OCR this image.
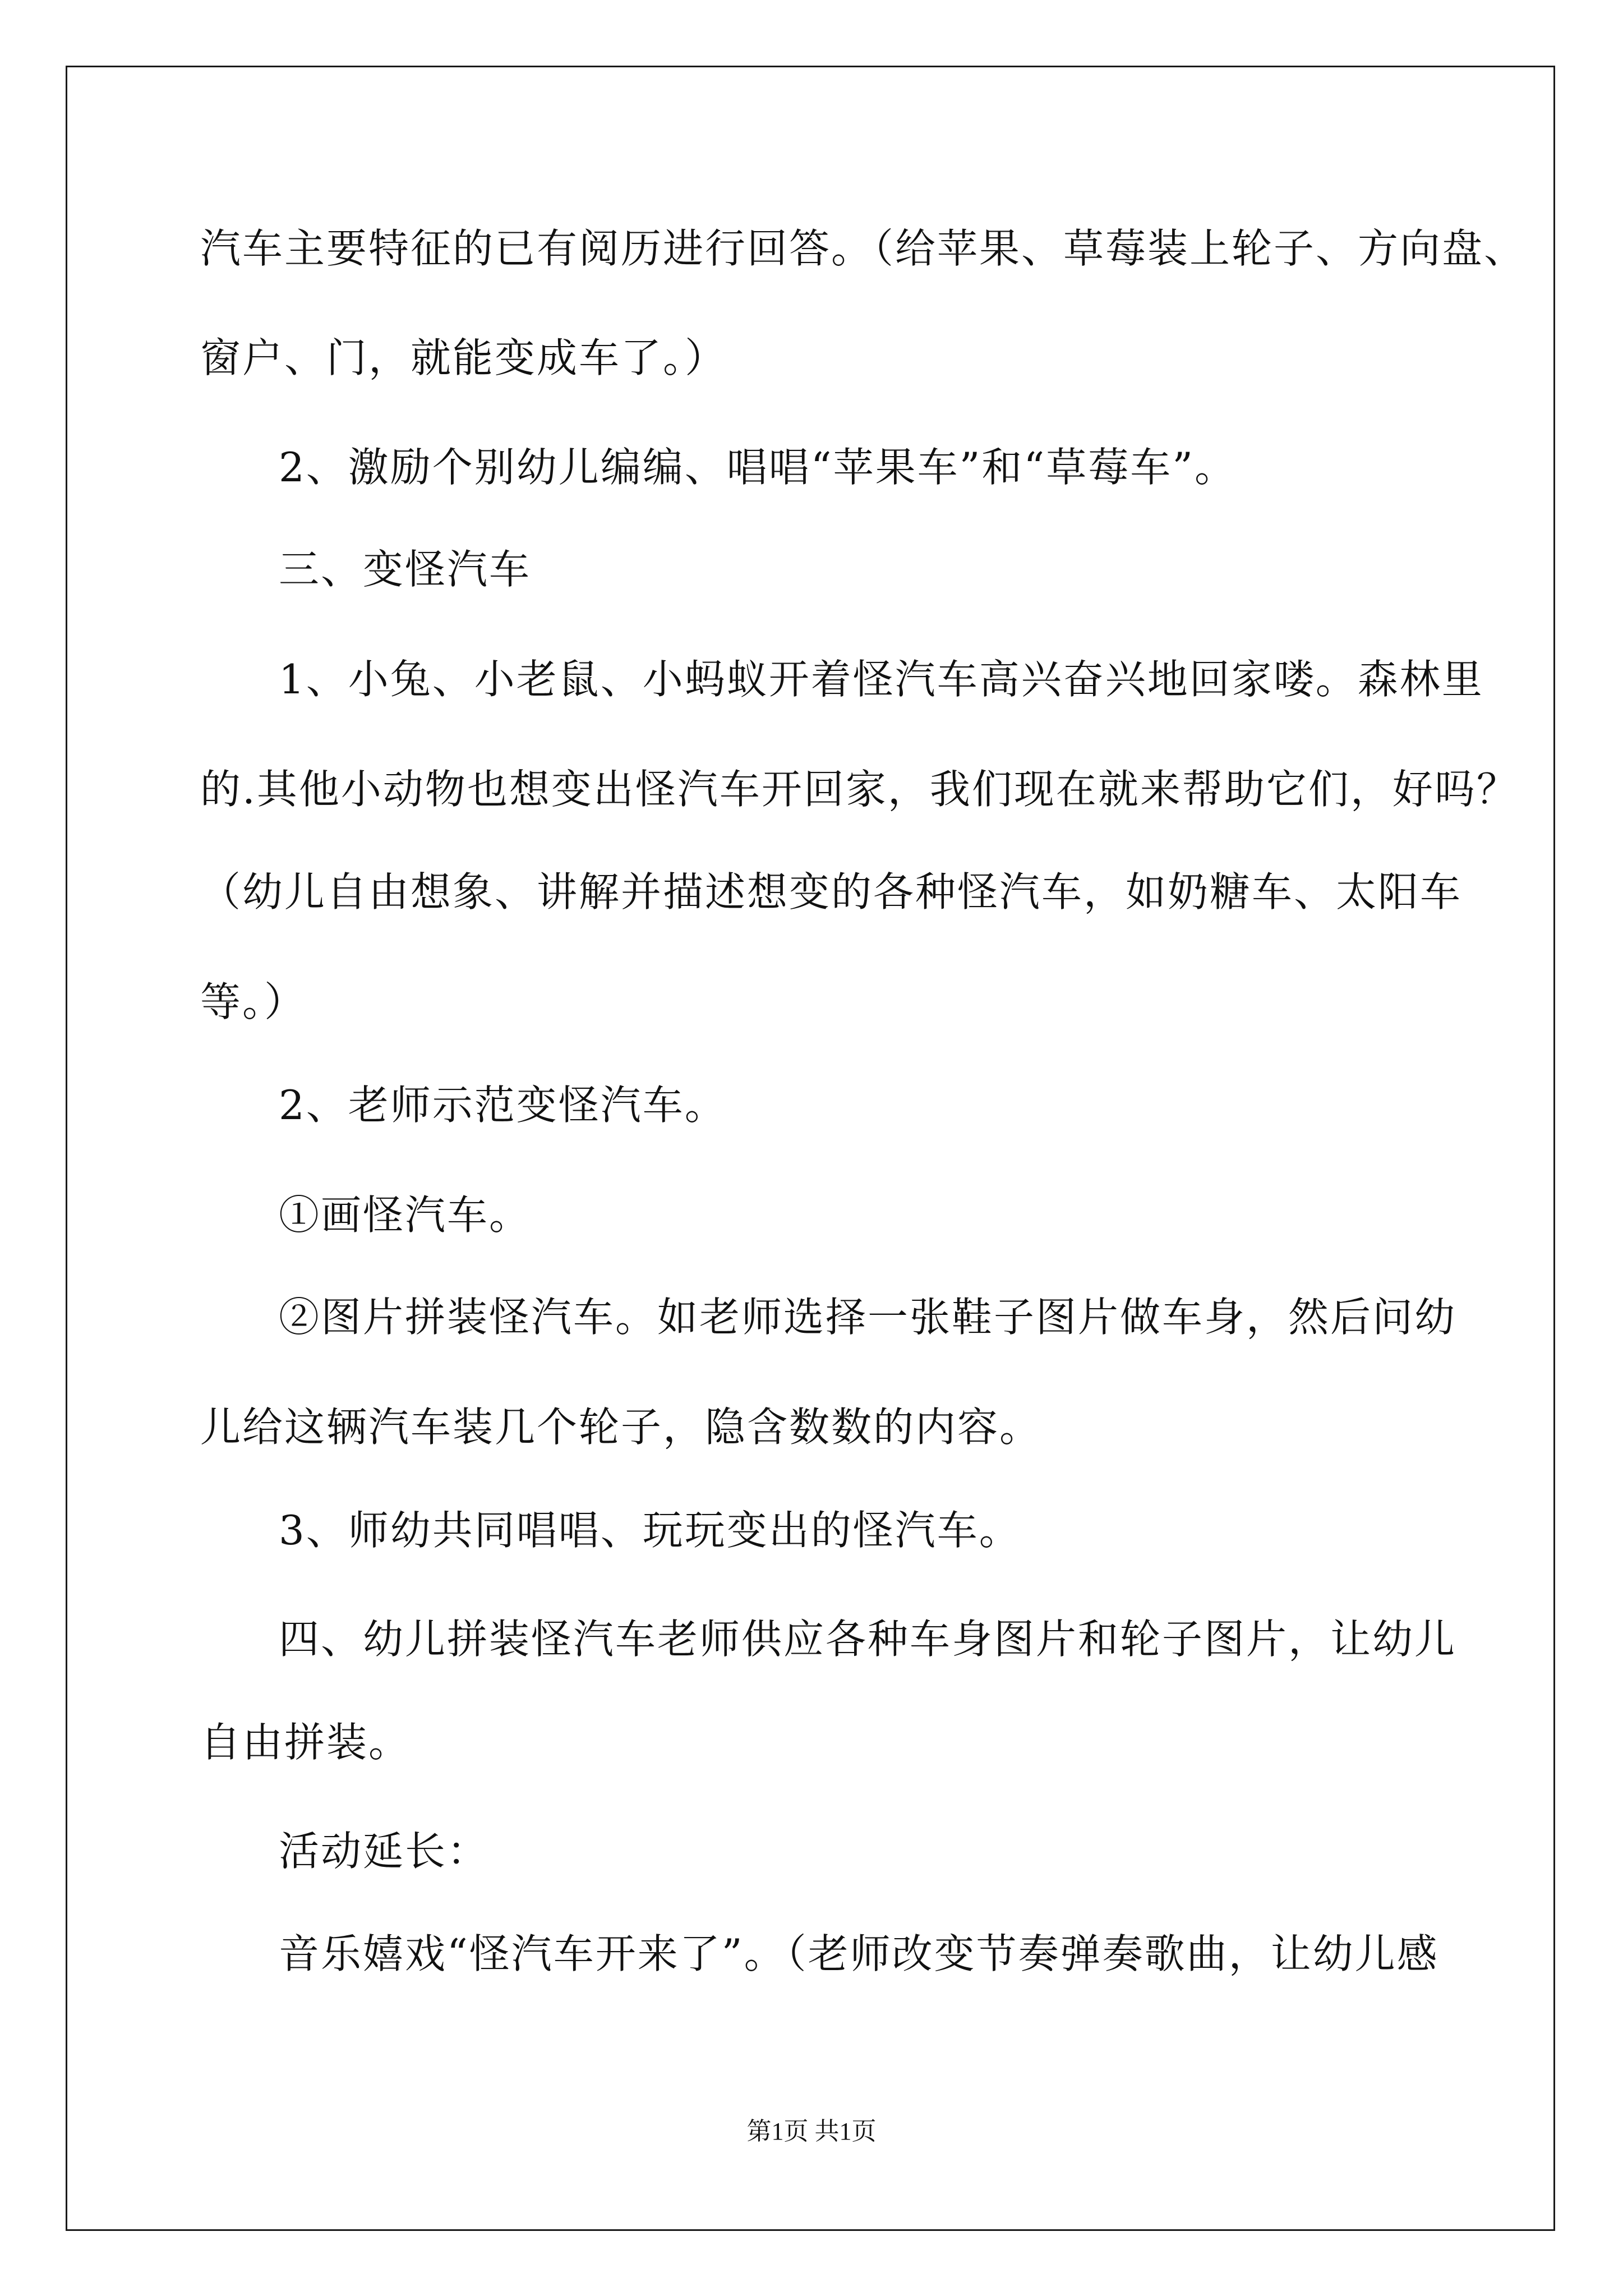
汽车主要特征的已有阅历进行回答。（给苹果、草莓装上轮子、方向盘、
窗户、门，就能变成车了。）
2、激励个别幼儿编编、唱唱“苹果车”和“草莓车”。
三、变怪汽车
1、小兔、小老鼠、小蚂蚁开着怪汽车高兴奋兴地回家喽。森林里
的.其他小动物也想变出怪汽车开回家，我们现在就来帮助它们，好吗？
（幼儿自由想象、讲解并描述想变的各种怪汽车，如奶糖车、太阳车
等。）
2、老师示范变怪汽车。
①画怪汽车。
②图片拼装怪汽车。如老师选择一张鞋子图片做车身，然后问幼
儿给这辆汽车装几个轮子，隐含数数的内容。
3、师幼共同唱唱、玩玩变出的怪汽车。
四、幼儿拼装怪汽车老师供应各种车身图片和轮子图片，让幼儿
自由拼装。
活动延长：
音乐嬉戏“怪汽车开来了”。（老师改变节奏弹奏歌曲，让幼儿感
第1页 共1页
